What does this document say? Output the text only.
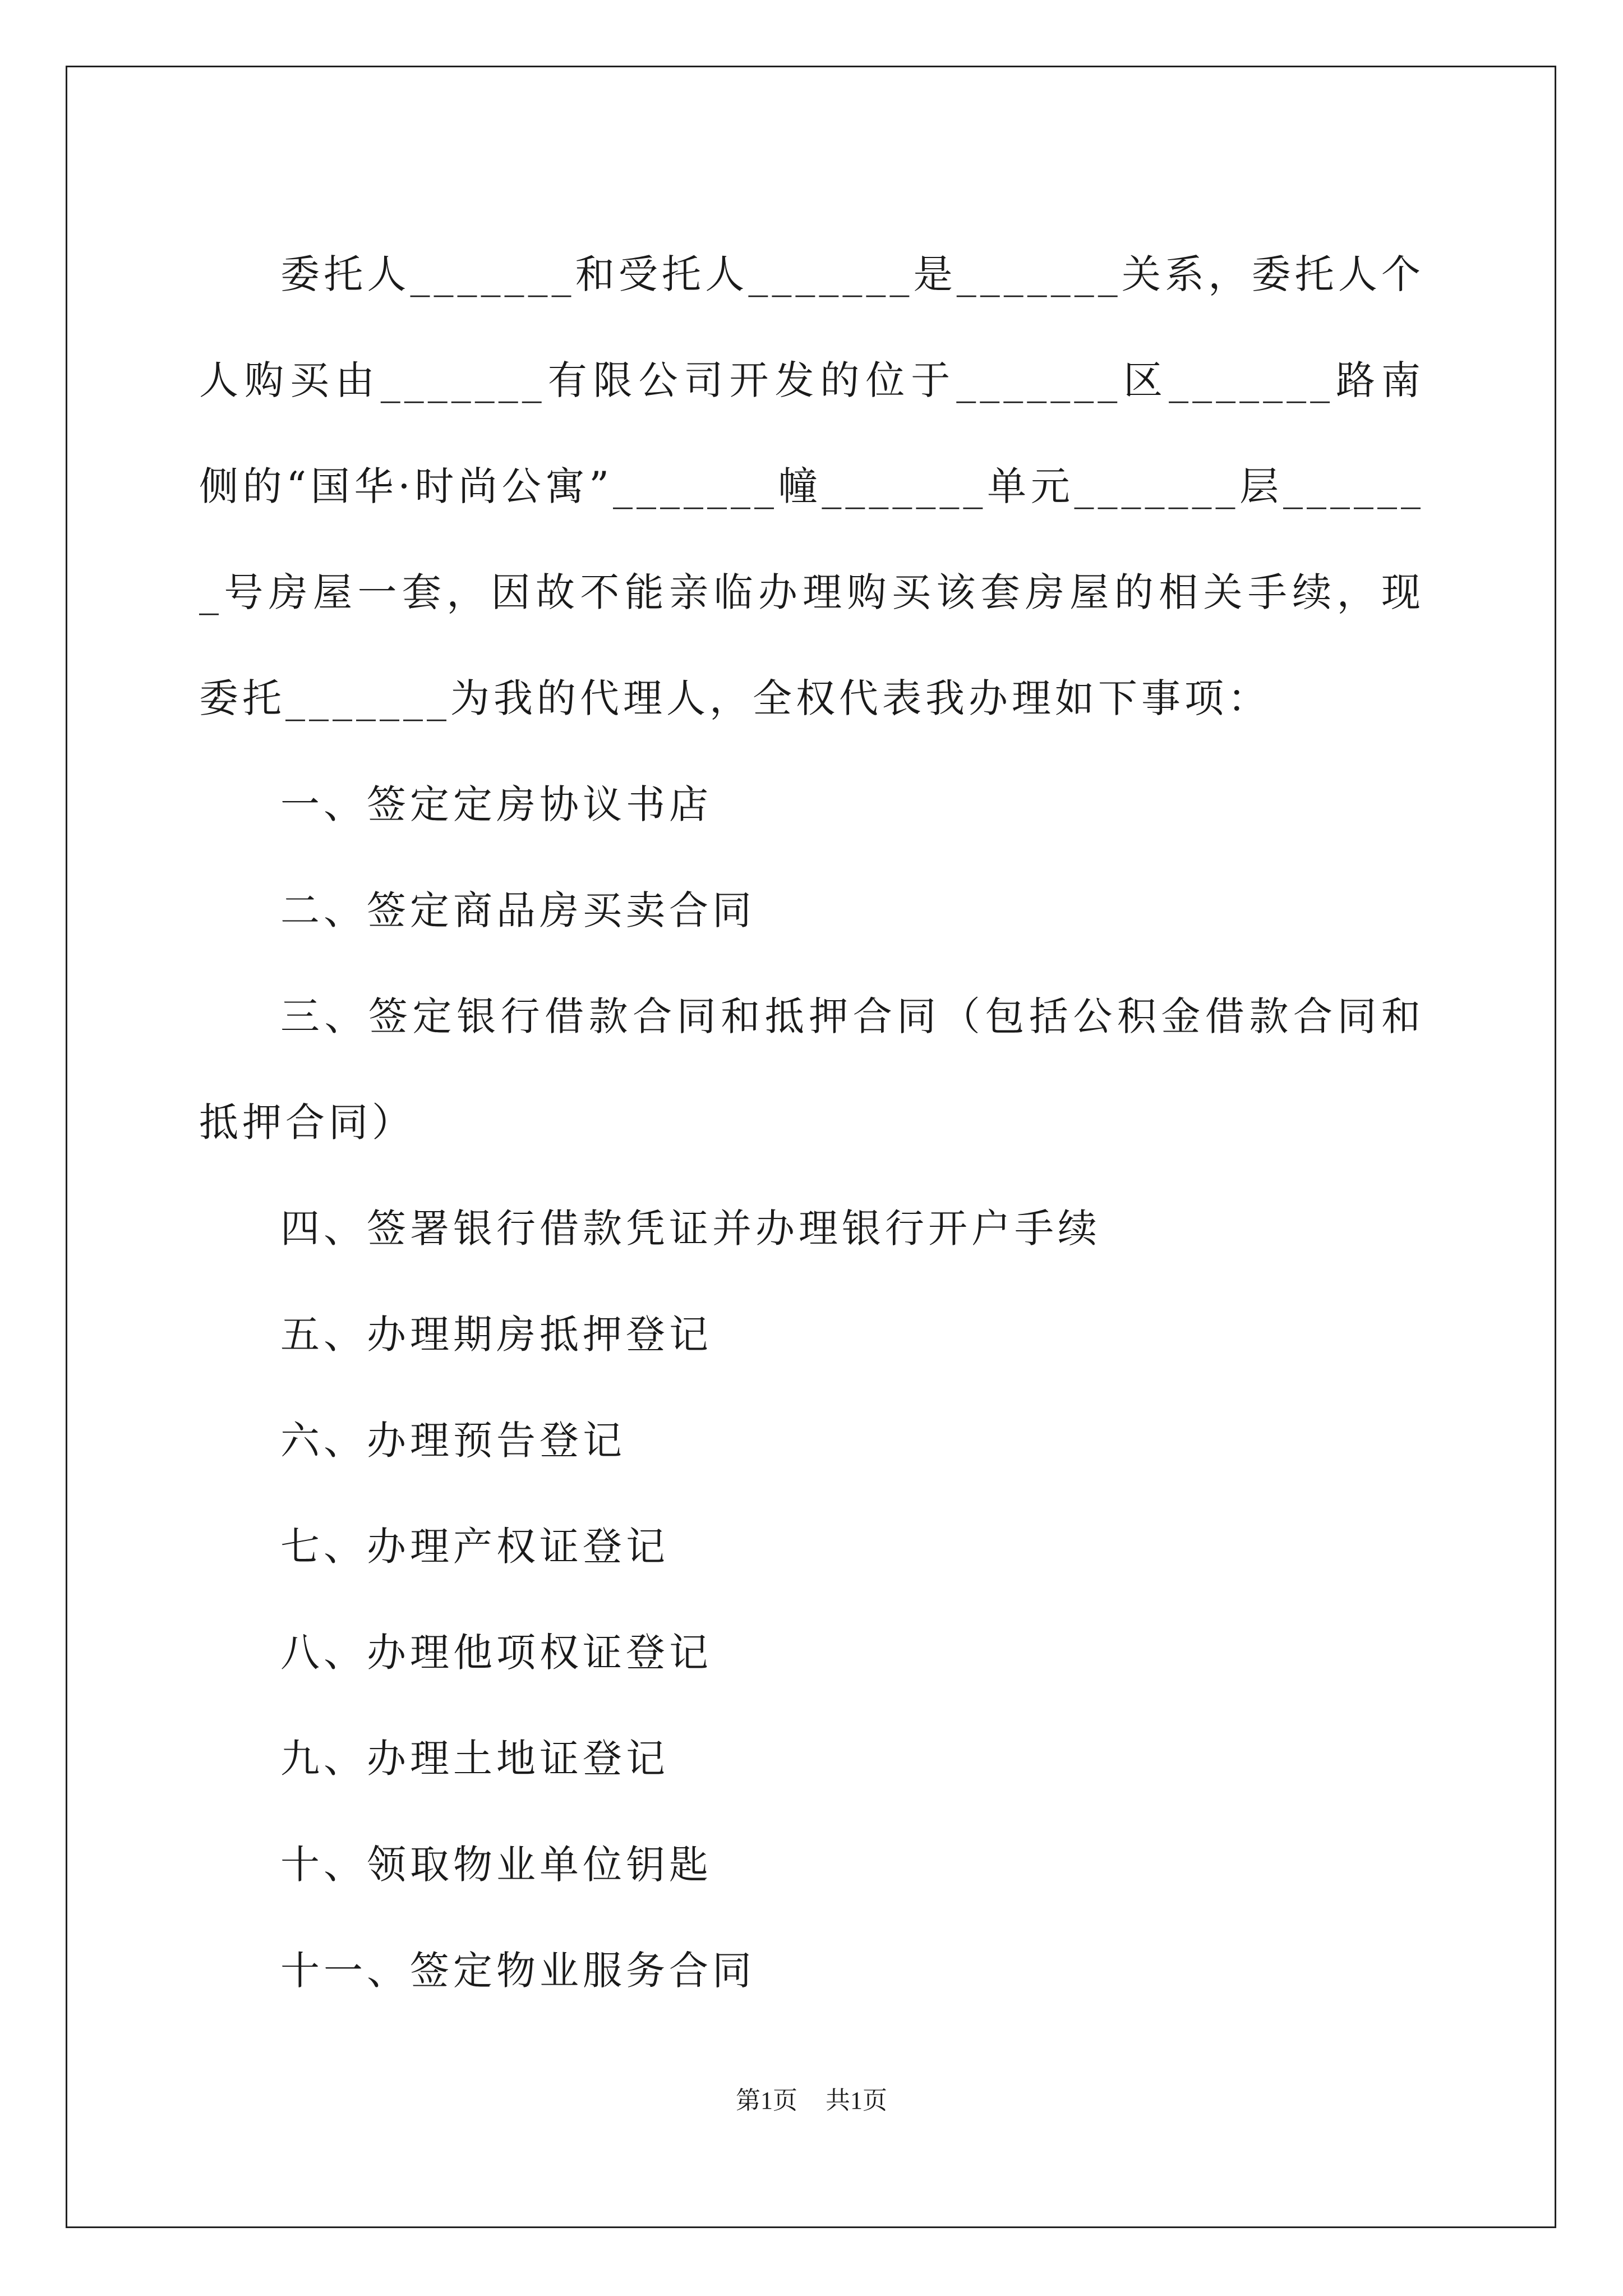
委托人_______和受托人_______是_______关系，委托人个人购买由_______有限公司开发的位于_______区_______路南侧的“国华·时尚公寓”_______幢_______单元_______层_______号房屋一套，因故不能亲临办理购买该套房屋的相关手续，现委托_______为我的代理人，全权代表我办理如下事项：

一、签定定房协议书店

二、签定商品房买卖合同

三、签定银行借款合同和抵押合同（包括公积金借款合同和抵押合同）

四、签署银行借款凭证并办理银行开户手续

五、办理期房抵押登记

六、办理预告登记

七、办理产权证登记

八、办理他项权证登记

九、办理土地证登记

十、领取物业单位钥匙

十一、签定物业服务合同

第1页 共1页
